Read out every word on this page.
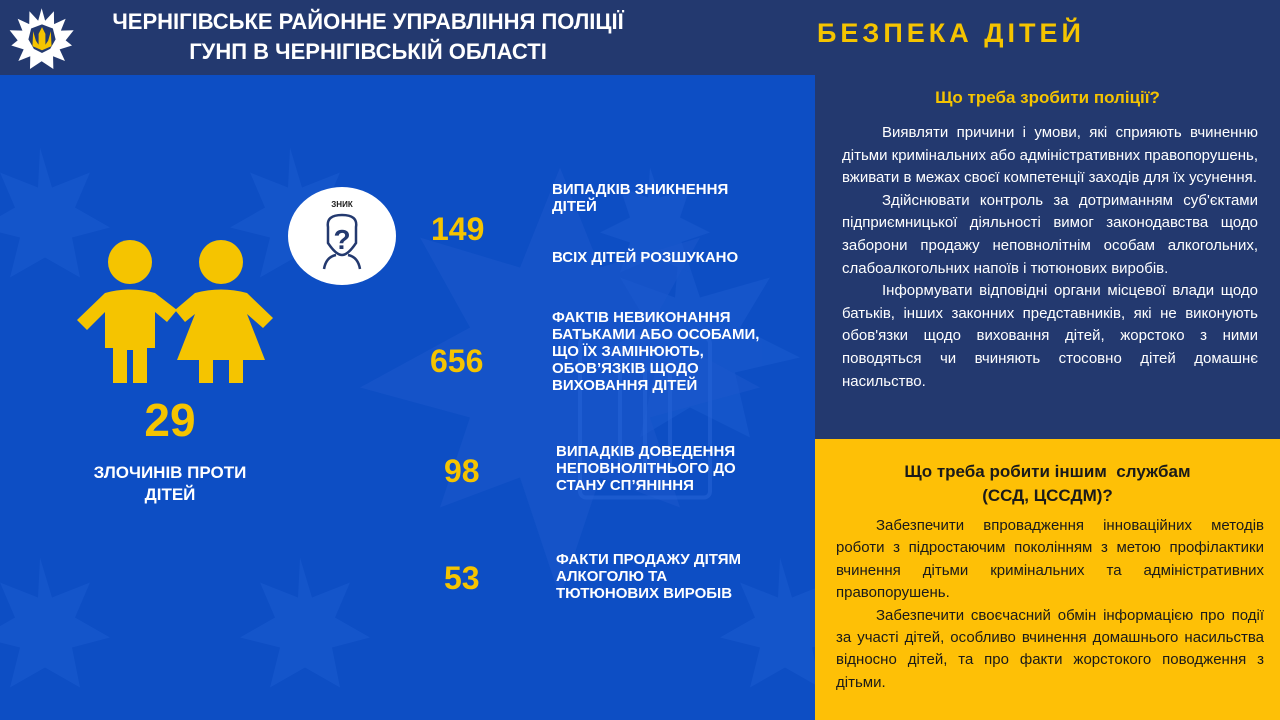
ЧЕРНІГІВСЬКЕ РАЙОННЕ УПРАВЛІННЯ ПОЛІЦІЇ
ГУНП В ЧЕРНІГІВСЬКІЙ ОБЛАСТІ
БЕЗПЕКА ДІТЕЙ
29
ЗЛОЧИНІВ ПРОТИ ДІТЕЙ
ЗНИК
?	149
ВИПАДКІВ ЗНИКНЕННЯ ДІТЕЙ
ВСІХ ДІТЕЙ РОЗШУКАНО
656
ФАКТІВ НЕВИКОНАННЯ БАТЬКАМИ АБО ОСОБАМИ, ЩО ЇХ ЗАМІНЮЮТЬ, ОБОВ’ЯЗКІВ ЩОДО ВИХОВАННЯ ДІТЕЙ
98
ВИПАДКІВ ДОВЕДЕННЯ НЕПОВНОЛІТНЬОГО ДО СТАНУ СП’ЯНІННЯ
53
ФАКТИ ПРОДАЖУ ДІТЯМ АЛКОГОЛЮ ТА ТЮТЮНОВИХ ВИРОБІВ
Що треба зробити поліції?

Виявляти причини і умови, які сприяють вчиненню дітьми кримінальних або адміністративних правопорушень, вживати в межах своєї компетенції заходів для їх усунення.

Здійснювати контроль за дотриманням суб'єктами підприємницької діяльності вимог законодавства щодо заборони продажу неповнолітнім особам алкогольних, слабоалкогольних напоїв і тютюнових виробів.

Інформувати відповідні органи місцевої влади щодо батьків, інших законних представників, які не виконують обов'язки щодо виховання дітей, жорстоко з ними поводяться чи вчиняють стосовно дітей домашнє насильство.

Що треба робити іншим  службам
(ССД, ЦССДМ)?

Забезпечити впровадження інноваційних методів роботи з підростаючим поколінням з метою профілактики вчинення дітьми кримінальних та адміністративних правопорушень.

Забезпечити своєчасний обмін інформацією про події за участі дітей, особливо вчинення домашнього насильства відносно дітей, та про факти жорстокого поводження з дітьми.
